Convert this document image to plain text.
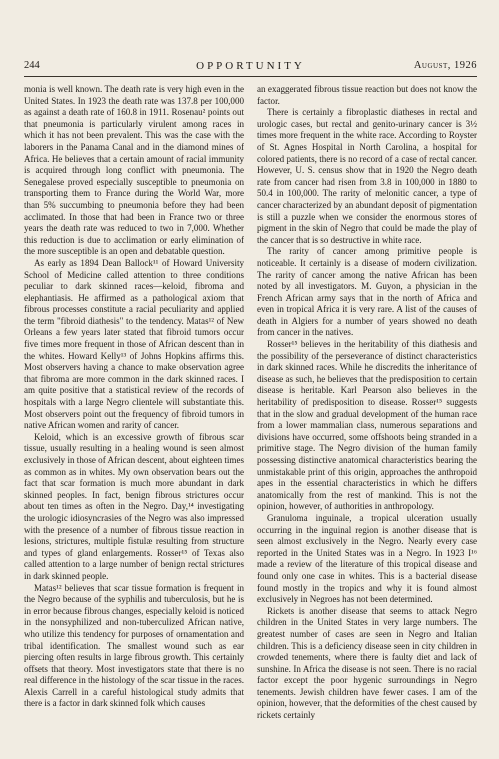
244	OPPORTUNITY	August, 1926

monia is well known. The death rate is very high even in the United States. In 1923 the death rate was 137.8 per 100,000 as against a death rate of 160.8 in 1911. Rosenau² points out that pneumonia is particularly virulent among races in which it has not been prevalent. This was the case with the laborers in the Panama Canal and in the diamond mines of Africa. He believes that a certain amount of racial immunity is acquired through long conflict with pneumonia. The Senegalese proved especially susceptible to pneumonia on transporting them to France during the World War, more than 5% succumbing to pneumonia before they had been acclimated. In those that had been in France two or three years the death rate was reduced to two in 7,000. Whether this reduction is due to acclimation or early elimination of the more susceptible is an open and debatable question.

As early as 1894 Dean Ballock¹¹ of Howard University School of Medicine called attention to three conditions peculiar to dark skinned races—keloid, fibroma and elephantiasis. He affirmed as a pathological axiom that fibrous processes constitute a racial peculiarity and applied the term "fibroid diathesis" to the tendency. Matas¹² of New Orleans a few years later stated that fibroid tumors occur five times more frequent in those of African descent than in the whites. Howard Kelly¹³ of Johns Hopkins affirms this. Most observers having a chance to make observation agree that fibroma are more common in the dark skinned races. I am quite positive that a statistical review of the records of hospitals with a large Negro clientele will substantiate this. Most observers point out the frequency of fibroid tumors in native African women and rarity of cancer.

Keloid, which is an excessive growth of fibrous scar tissue, usually resulting in a healing wound is seen almost exclusively in those of African descent, about eighteen times as common as in whites. My own observation bears out the fact that scar formation is much more abundant in dark skinned peoples. In fact, benign fibrous strictures occur about ten times as often in the Negro. Day,¹⁴ investigating the urologic idiosyncrasies of the Negro was also impressed with the presence of a number of fibrous tissue reaction in lesions, strictures, multiple fistulæ resulting from structure and types of gland enlargements. Rosser¹⁵ of Texas also called attention to a large number of benign rectal strictures in dark skinned people.

Matas¹² believes that scar tissue formation is frequent in the Negro because of the syphilis and tuberculosis, but he is in error because fibrous changes, especially keloid is noticed in the nonsyphilized and non-tuberculized African native, who utilize this tendency for purposes of ornamentation and tribal identification. The smallest wound such as ear piercing often results in large fibrous growth. This certainly offsets that theory. Most investigators state that there is no real difference in the histology of the scar tissue in the races. Alexis Carrell in a careful histological study admits that there is a factor in dark skinned folk which causes

an exaggerated fibrous tissue reaction but does not know the factor.

There is certainly a fibroplastic diatheses in rectal and urologic cases, but rectal and genito-urinary cancer is 3½ times more frequent in the white race. According to Royster of St. Agnes Hospital in North Carolina, a hospital for colored patients, there is no record of a case of rectal cancer. However, U. S. census show that in 1920 the Negro death rate from cancer had risen from 3.8 in 100,000 in 1880 to 50.4 in 100,000. The rarity of melonitic cancer, a type of cancer characterized by an abundant deposit of pigmentation is still a puzzle when we consider the enormous stores of pigment in the skin of Negro that could be made the play of the cancer that is so destructive in white race.

The rarity of cancer among primitive people is noticeable. It certainly is a disease of modern civilization. The rarity of cancer among the native African has been noted by all investigators. M. Guyon, a physician in the French African army says that in the north of Africa and even in tropical Africa it is very rare. A list of the causes of death in Algiers for a number of years showed no death from cancer in the natives.

Rosser¹⁵ believes in the heritability of this diathesis and the possibility of the perseverance of distinct characteristics in dark skinned races. While he discredits the inheritance of disease as such, he believes that the predisposition to certain disease is heritable. Karl Pearson also believes in the heritability of predisposition to disease. Rosser¹⁵ suggests that in the slow and gradual development of the human race from a lower mammalian class, numerous separations and divisions have occurred, some offshoots being stranded in a primitive stage. The Negro division of the human family possessing distinctive anatomical characteristics bearing the unmistakable print of this origin, approaches the anthropoid apes in the essential characteristics in which he differs anatomically from the rest of mankind. This is not the opinion, however, of authorities in anthropology.

Granuloma inguinale, a tropical ulceration usually occurring in the inguinal region is another disease that is seen almost exclusively in the Negro. Nearly every case reported in the United States was in a Negro. In 1923 I¹⁶ made a review of the literature of this tropical disease and found only one case in whites. This is a bacterial disease found mostly in the tropics and why it is found almost exclusively in Negroes has not been determined.

Rickets is another disease that seems to attack Negro children in the United States in very large numbers. The greatest number of cases are seen in Negro and Italian children. This is a deficiency disease seen in city children in crowded tenements, where there is faulty diet and lack of sunshine. In Africa the disease is not seen. There is no racial factor except the poor hygenic surroundings in Negro tenements. Jewish children have fewer cases. I am of the opinion, however, that the deformities of the chest caused by rickets certainly
